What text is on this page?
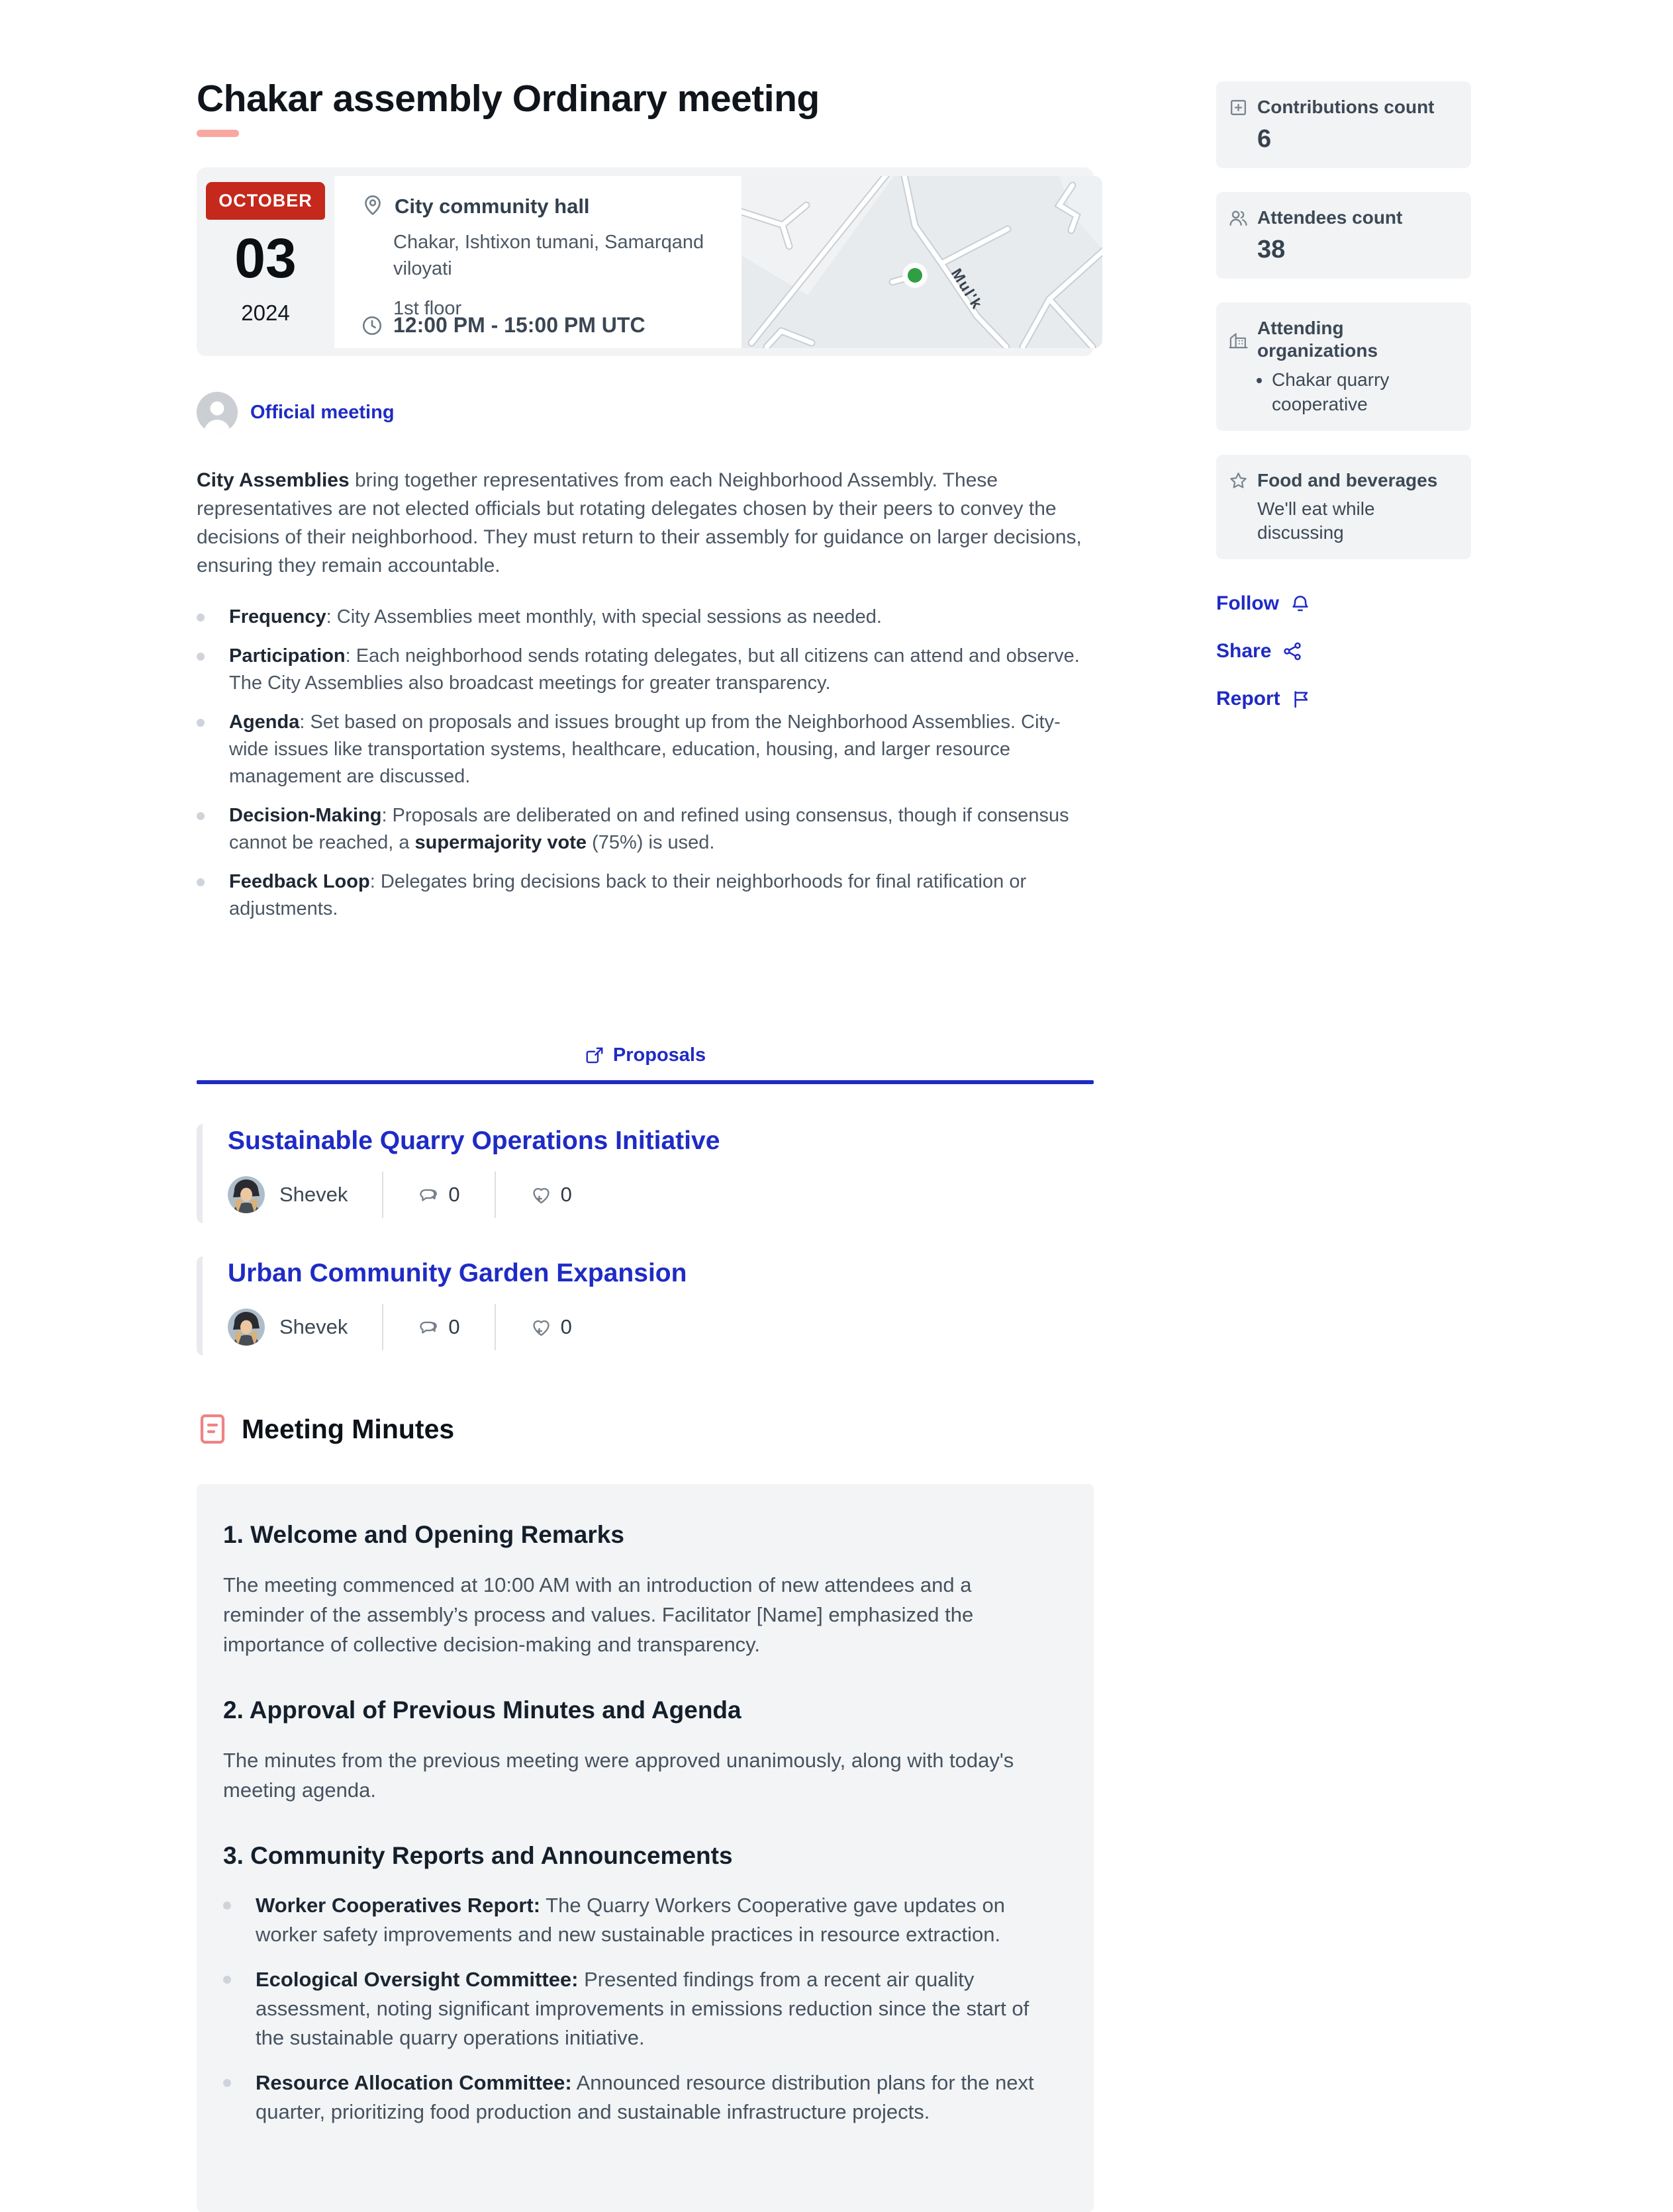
Chakar assembly Ordinary meeting
OCTOBER
03
2024
City community hall
Chakar, Ishtixon tumani, Samarqand viloyati
1st floor
12:00 PM - 15:00 PM UTC
Mul'k
Official meeting

City Assemblies bring together representatives from each Neighborhood Assembly. These representatives are not elected officials but rotating delegates chosen by their peers to convey the decisions of their neighborhood. They must return to their assembly for guidance on larger decisions, ensuring they remain accountable.

Frequency: City Assemblies meet monthly, with special sessions as needed.
Participation: Each neighborhood sends rotating delegates, but all citizens can attend and observe. The City Assemblies also broadcast meetings for greater transparency.
Agenda: Set based on proposals and issues brought up from the Neighborhood Assemblies. City-wide issues like transportation systems, healthcare, education, housing, and larger resource management are discussed.
Decision-Making: Proposals are deliberated on and refined using consensus, though if consensus cannot be reached, a supermajority vote (75%) is used.
Feedback Loop: Delegates bring decisions back to their neighborhoods for final ratification or adjustments.
Proposals
Sustainable Quarry Operations Initiative
Shevek	0	0
Urban Community Garden Expansion
Shevek	0	0
Meeting Minutes
1. Welcome and Opening Remarks

The meeting commenced at 10:00 AM with an introduction of new attendees and a reminder of the assembly’s process and values. Facilitator [Name] emphasized the importance of collective decision-making and transparency.

2. Approval of Previous Minutes and Agenda

The minutes from the previous meeting were approved unanimously, along with today's meeting agenda.

3. Community Reports and Announcements
Worker Cooperatives Report: The Quarry Workers Cooperative gave updates on worker safety improvements and new sustainable practices in resource extraction.
Ecological Oversight Committee: Presented findings from a recent air quality assessment, noting significant improvements in emissions reduction since the start of the sustainable quarry operations initiative.
Resource Allocation Committee: Announced resource distribution plans for the next quarter, prioritizing food production and sustainable infrastructure projects.
Contributions count
6
Attendees count
38
Attending organizations
• Chakar quarry cooperative
Food and beverages
We'll eat while discussing
Follow
Share
Report
